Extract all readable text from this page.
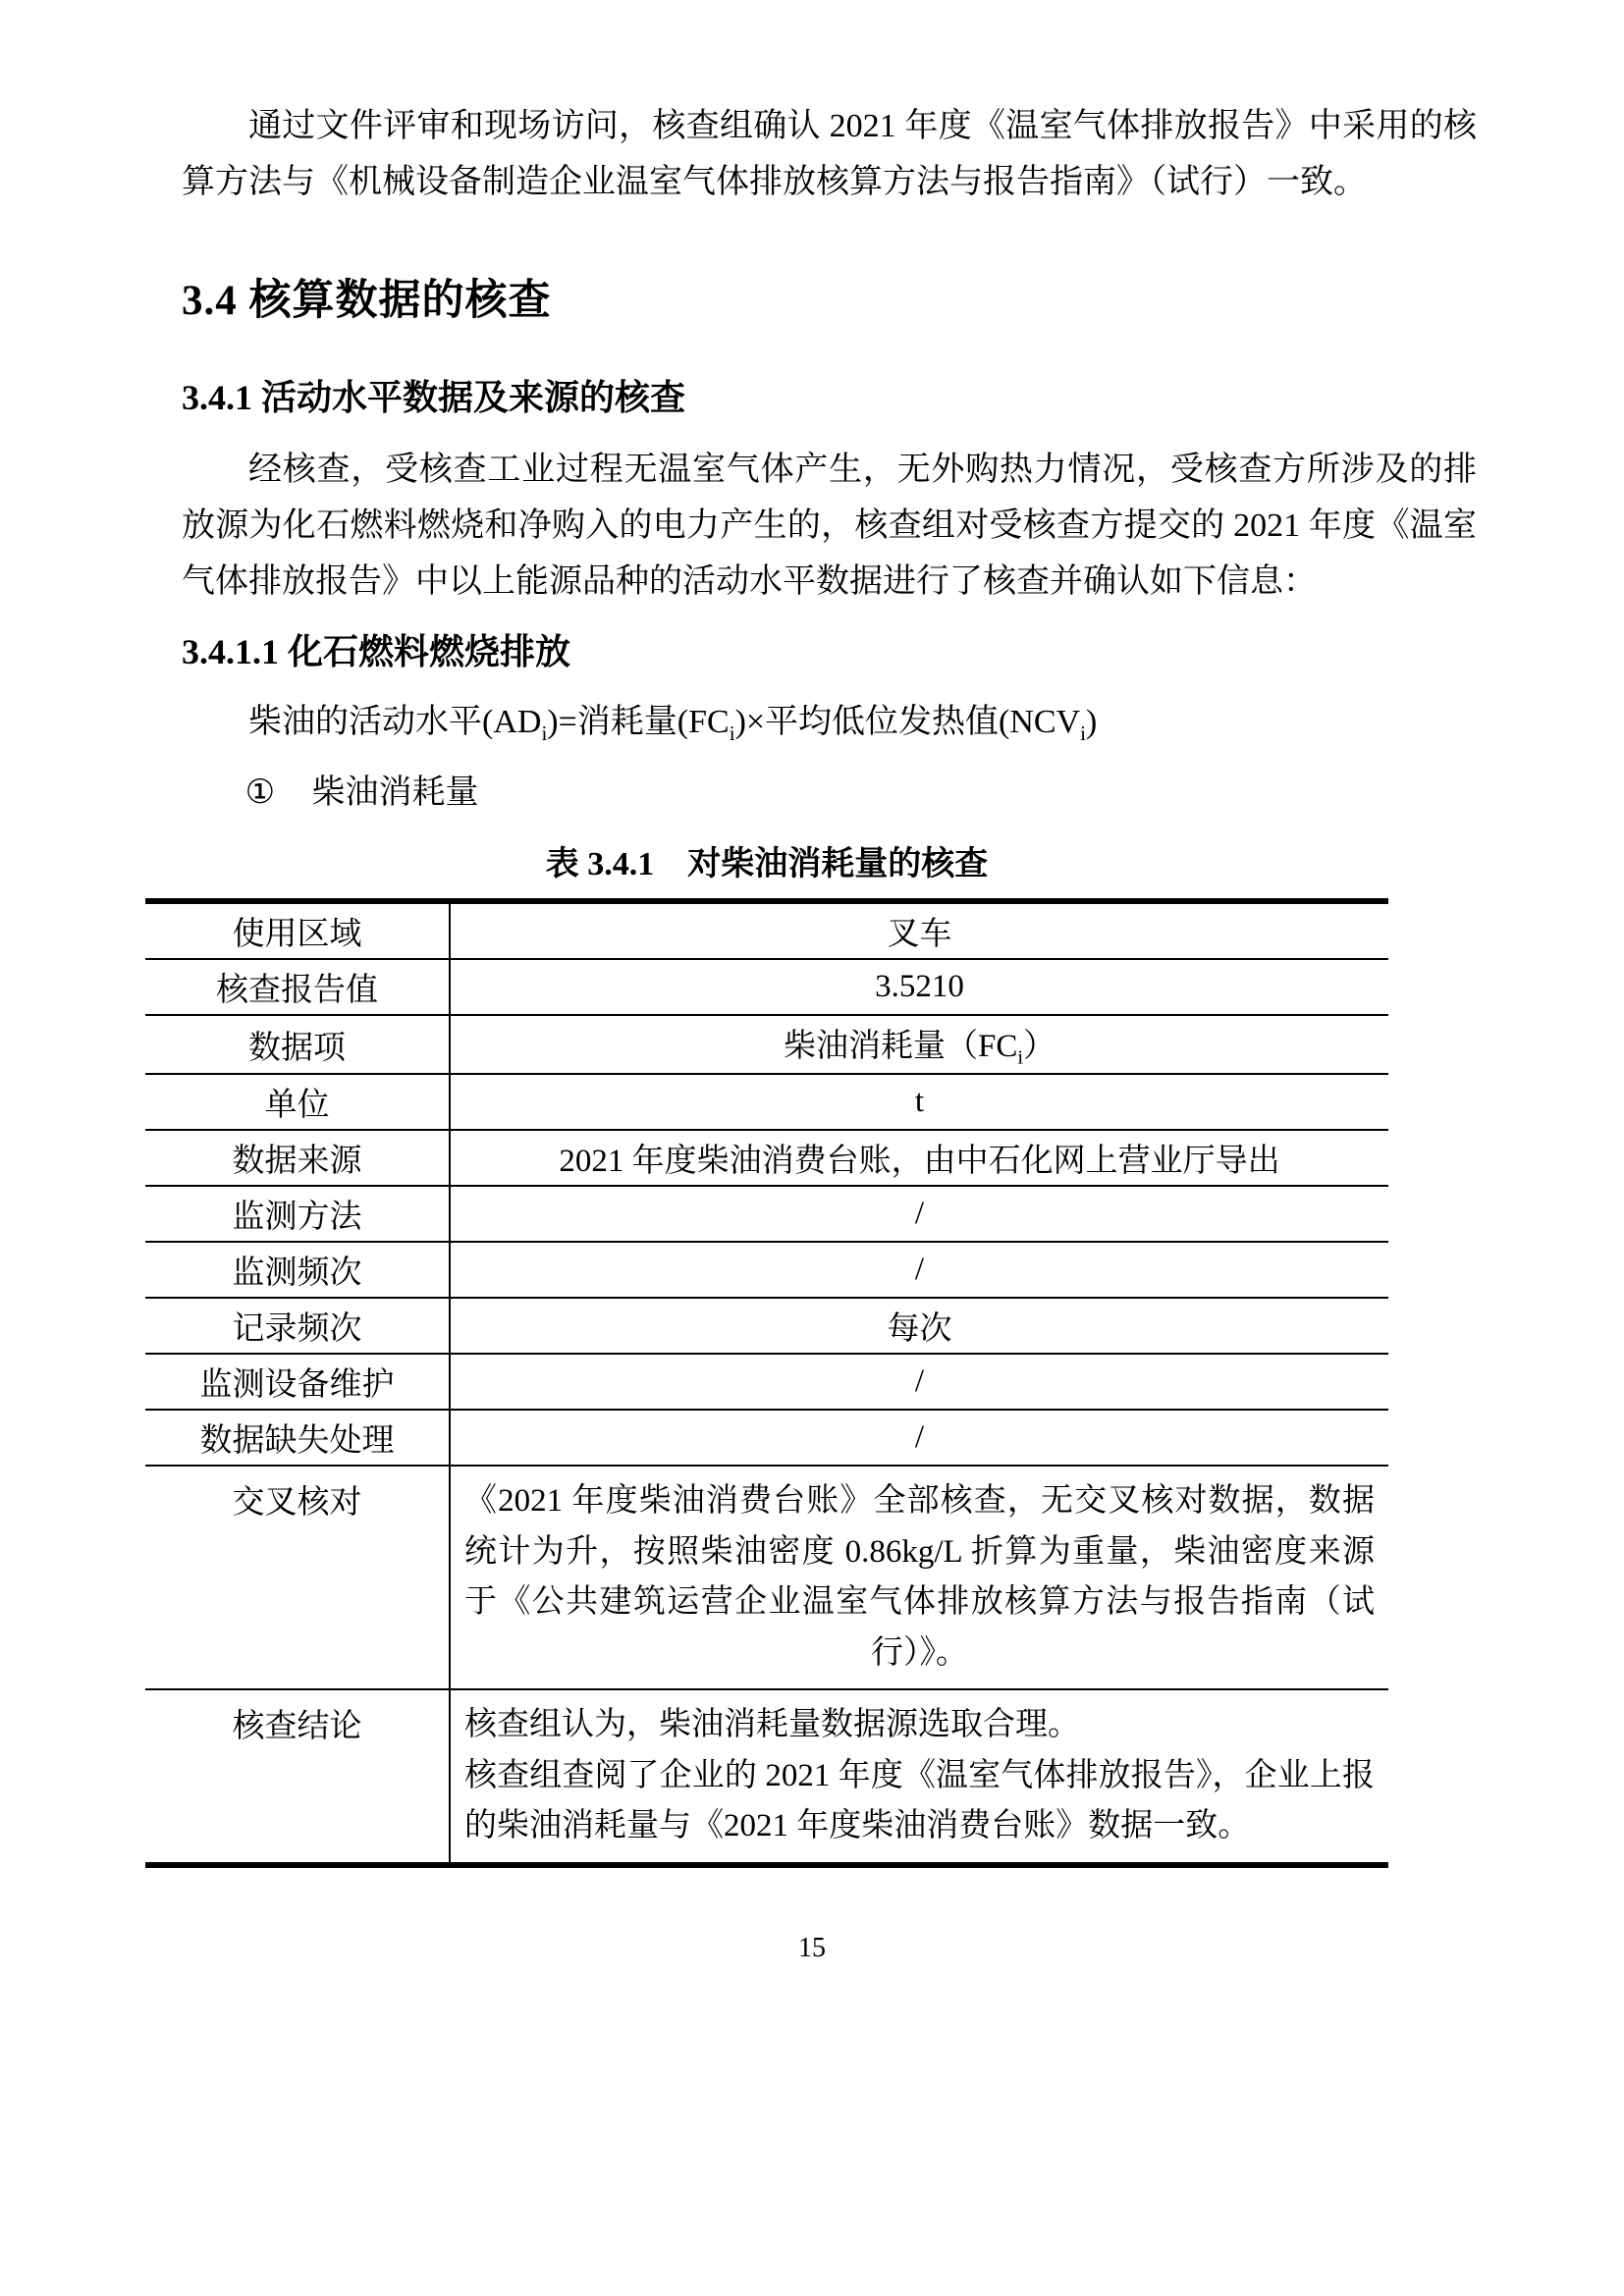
通过文件评审和现场访问，核查组确认 2021 年度《温室气体排放报告》中采用的核算方法与《机械设备制造企业温室气体排放核算方法与报告指南》（试行）一致。

3.4 核算数据的核查
3.4.1 活动水平数据及来源的核查

经核查，受核查工业过程无温室气体产生，无外购热力情况，受核查方所涉及的排放源为化石燃料燃烧和净购入的电力产生的，核查组对受核查方提交的 2021 年度《温室气体排放报告》中以上能源品种的活动水平数据进行了核查并确认如下信息：

3.4.1.1 化石燃料燃烧排放
柴油的活动水平$(AD_i)=$消耗量$(FC_i)\times$平均低位发热值$(NCV_i)$
① 柴油消耗量
表 3.4.1　对柴油消耗量的核查
使用区域	叉车
核查报告值	3.5210
数据项	柴油消耗量$(FC_i)$
单位	t
数据来源	2021 年度柴油消费台账，由中石化网上营业厅导出
监测方法	/
监测频次	/
记录频次	每次
监测设备维护	/
数据缺失处理	/
交叉核对	《2021 年度柴油消费台账》全部核查，无交叉核对数据，数据统计为升，按照柴油密度 0.86kg/L 折算为重量，柴油密度来源于《公共建筑运营企业温室气体排放核算方法与报告指南（试行）》。
核查结论	核查组认为，柴油消耗量数据源选取合理。
核查组查阅了企业的 2021 年度《温室气体排放报告》，企业上报的柴油消耗量与《2021 年度柴油消费台账》数据一致。
15
